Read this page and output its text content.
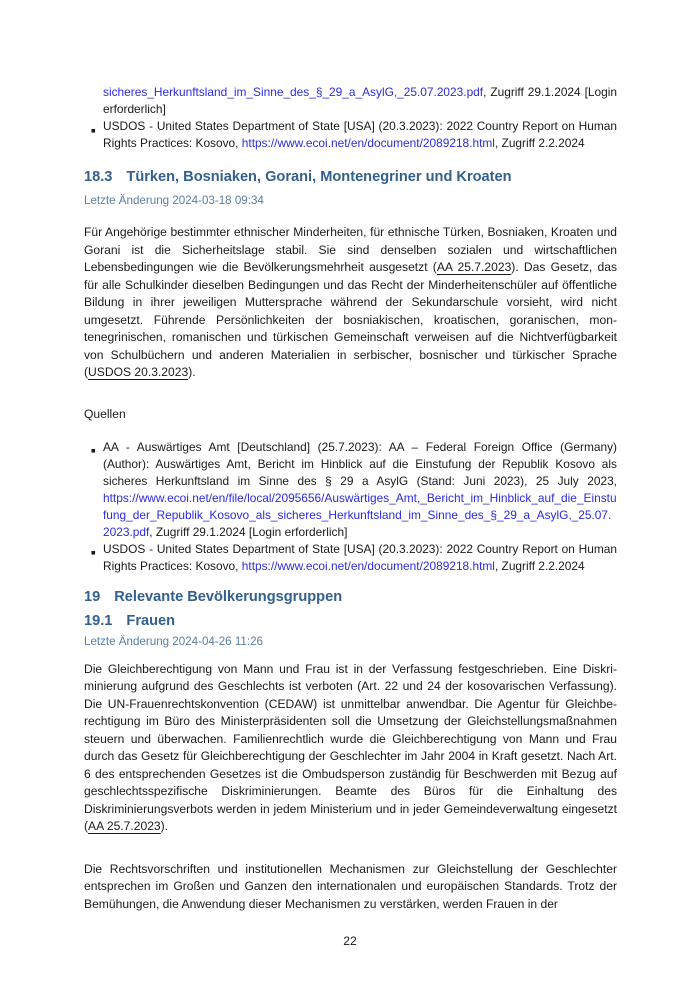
sicheres_Herkunftsland_im_Sinne_des_§_29_a_AsylG,_25.07.2023.pdf, Zugriff 29.1.2024 [Login erforderlich]
■ USDOS - United States Department of State [USA] (20.3.2023): 2022 Country Report on Human Rights Practices: Kosovo, https://www.ecoi.net/en/document/2089218.html, Zugriff 2.2.2024
18.3 Türken, Bosniaken, Gorani, Montenegriner und Kroaten
Letzte Änderung 2024-03-18 09:34
Für Angehörige bestimmter ethnischer Minderheiten, für ethnische Türken, Bosniaken, Kroaten und Gorani ist die Sicherheitslage stabil. Sie sind denselben sozialen und wirtschaftlichen Lebensbedingungen wie die Bevölkerungsmehrheit ausgesetzt (AA 25.7.2023). Das Gesetz, das für alle Schulkinder dieselben Bedingungen und das Recht der Minderheitenschüler auf öffentliche Bildung in ihrer jeweiligen Muttersprache während der Sekundarschule vorsieht, wird nicht umgesetzt. Führende Persönlichkeiten der bosniakischen, kroatischen, goranischen, montenegrinischen, romanischen und türkischen Gemeinschaft verweisen auf die Nichtverfügbarkeit von Schulbüchern und anderen Materialien in serbischer, bosnischer und türkischer Sprache (USDOS 20.3.2023).
Quellen
■ AA - Auswärtiges Amt [Deutschland] (25.7.2023): AA – Federal Foreign Office (Germany) (Author): Auswärtiges Amt, Bericht im Hinblick auf die Einstufung der Republik Kosovo als sicheres Herkunftsland im Sinne des § 29 a AsylG (Stand: Juni 2023), 25 July 2023, https://www.ecoi.net/en/file/local/2095656/Auswärtiges_Amt,_Bericht_im_Hinblick_auf_die_Einstufung_der_Republik_Kosovo_als_sicheres_Herkunftsland_im_Sinne_des_§_29_a_AsylG,_25.07.2023.pdf, Zugriff 29.1.2024 [Login erforderlich]
■ USDOS - United States Department of State [USA] (20.3.2023): 2022 Country Report on Human Rights Practices: Kosovo, https://www.ecoi.net/en/document/2089218.html, Zugriff 2.2.2024
19 Relevante Bevölkerungsgruppen
19.1 Frauen
Letzte Änderung 2024-04-26 11:26
Die Gleichberechtigung von Mann und Frau ist in der Verfassung festgeschrieben. Eine Diskriminierung aufgrund des Geschlechts ist verboten (Art. 22 und 24 der kosovarischen Verfassung). Die UN-Frauenrechtskonvention (CEDAW) ist unmittelbar anwendbar. Die Agentur für Gleichberechtigung im Büro des Ministerpräsidenten soll die Umsetzung der Gleichstellungsmaßnahmen steuern und überwachen. Familienrechtlich wurde die Gleichberechtigung von Mann und Frau durch das Gesetz für Gleichberechtigung der Geschlechter im Jahr 2004 in Kraft gesetzt. Nach Art. 6 des entsprechenden Gesetzes ist die Ombudsperson zuständig für Beschwerden mit Bezug auf geschlechtsspezifische Diskriminierungen. Beamte des Büros für die Einhaltung des Diskriminierungsverbots werden in jedem Ministerium und in jeder Gemeindeverwaltung eingesetzt (AA 25.7.2023).
Die Rechtsvorschriften und institutionellen Mechanismen zur Gleichstellung der Geschlechter entsprechen im Großen und Ganzen den internationalen und europäischen Standards. Trotz der Bemühungen, die Anwendung dieser Mechanismen zu verstärken, werden Frauen in der
22
